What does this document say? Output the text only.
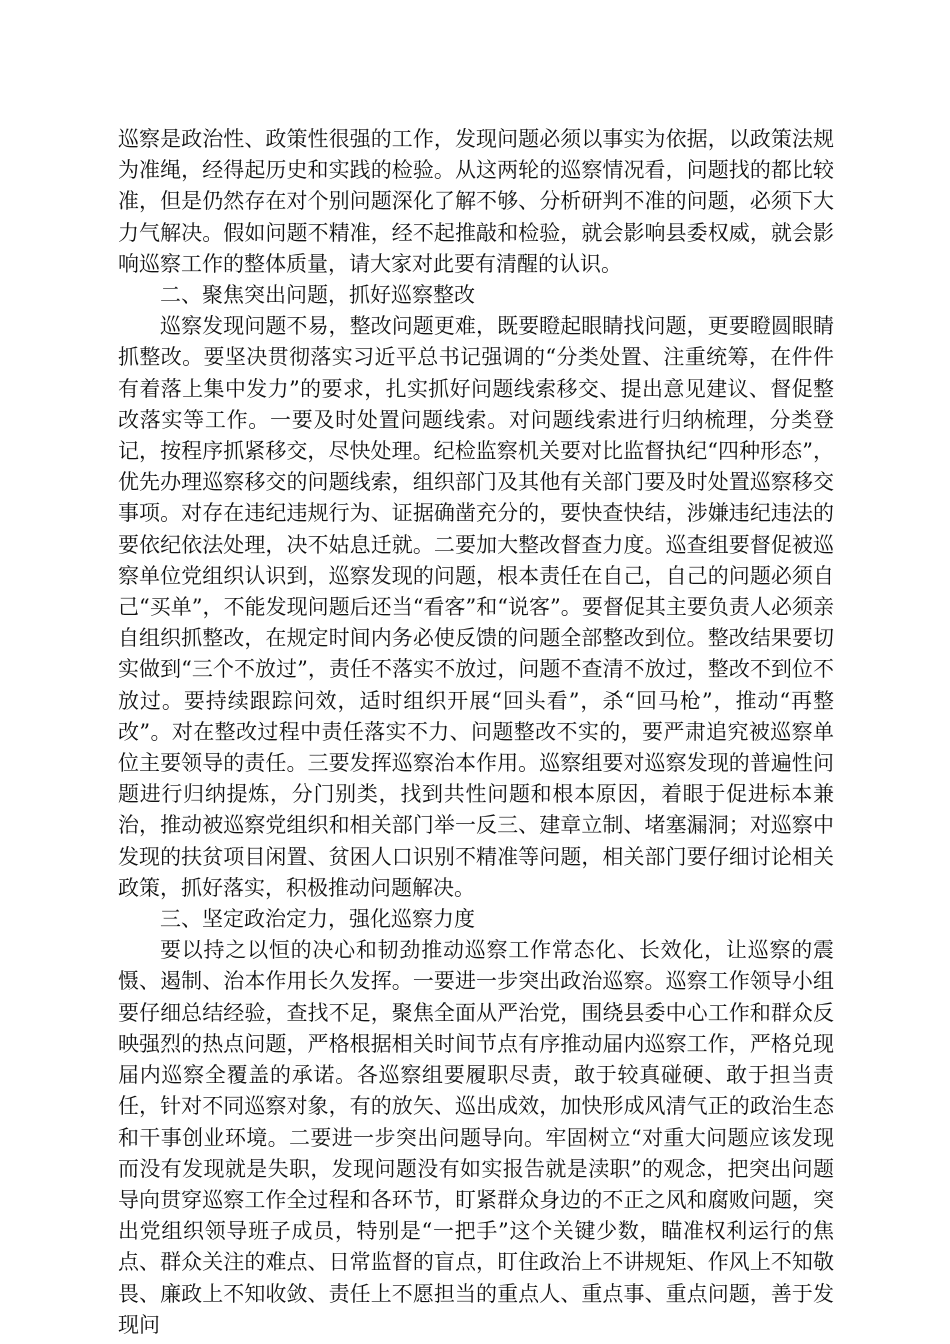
巡察是政治性、政策性很强的工作，发现问题必须以事实为依据，以政策法规为准绳，经得起历史和实践的检验。从这两轮的巡察情况看，问题找的都比较准，但是仍然存在对个别问题深化了解不够、分析研判不准的问题，必须下大力气解决。假如问题不精准，经不起推敲和检验，就会影响县委权威，就会影响巡察工作的整体质量，请大家对此要有清醒的认识。

二、聚焦突出问题，抓好巡察整改

巡察发现问题不易，整改问题更难，既要瞪起眼睛找问题，更要瞪圆眼睛抓整改。要坚决贯彻落实习近平总书记强调的“分类处置、注重统筹，在件件有着落上集中发力”的要求，扎实抓好问题线索移交、提出意见建议、督促整改落实等工作。一要及时处置问题线索。对问题线索进行归纳梳理，分类登记，按程序抓紧移交，尽快处理。纪检监察机关要对比监督执纪“四种形态”，优先办理巡察移交的问题线索，组织部门及其他有关部门要及时处置巡察移交事项。对存在违纪违规行为、证据确凿充分的，要快查快结，涉嫌违纪违法的要依纪依法处理，决不姑息迁就。二要加大整改督查力度。巡查组要督促被巡察单位党组织认识到，巡察发现的问题，根本责任在自己，自己的问题必须自己“买单”，不能发现问题后还当“看客”和“说客”。要督促其主要负责人必须亲自组织抓整改，在规定时间内务必使反馈的问题全部整改到位。整改结果要切实做到“三个不放过”，责任不落实不放过，问题不查清不放过，整改不到位不放过。要持续跟踪问效，适时组织开展“回头看”，杀“回马枪”，推动“再整改”。对在整改过程中责任落实不力、问题整改不实的，要严肃追究被巡察单位主要领导的责任。三要发挥巡察治本作用。巡察组要对巡察发现的普遍性问题进行归纳提炼，分门别类，找到共性问题和根本原因，着眼于促进标本兼治，推动被巡察党组织和相关部门举一反三、建章立制、堵塞漏洞；对巡察中发现的扶贫项目闲置、贫困人口识别不精准等问题，相关部门要仔细讨论相关政策，抓好落实，积极推动问题解决。

三、坚定政治定力，强化巡察力度

要以持之以恒的决心和韧劲推动巡察工作常态化、长效化，让巡察的震慑、遏制、治本作用长久发挥。一要进一步突出政治巡察。巡察工作领导小组要仔细总结经验，查找不足，聚焦全面从严治党，围绕县委中心工作和群众反映强烈的热点问题，严格根据相关时间节点有序推动届内巡察工作，严格兑现届内巡察全覆盖的承诺。各巡察组要履职尽责，敢于较真碰硬、敢于担当责任，针对不同巡察对象，有的放矢、巡出成效，加快形成风清气正的政治生态和干事创业环境。二要进一步突出问题导向。牢固树立“对重大问题应该发现而没有发现就是失职，发现问题没有如实报告就是渎职”的观念，把突出问题导向贯穿巡察工作全过程和各环节，盯紧群众身边的不正之风和腐败问题，突出党组织领导班子成员，特别是“一把手”这个关键少数，瞄准权利运行的焦点、群众关注的难点、日常监督的盲点，盯住政治上不讲规矩、作风上不知敬畏、廉政上不知收敛、责任上不愿担当的重点人、重点事、重点问题，善于发现问
